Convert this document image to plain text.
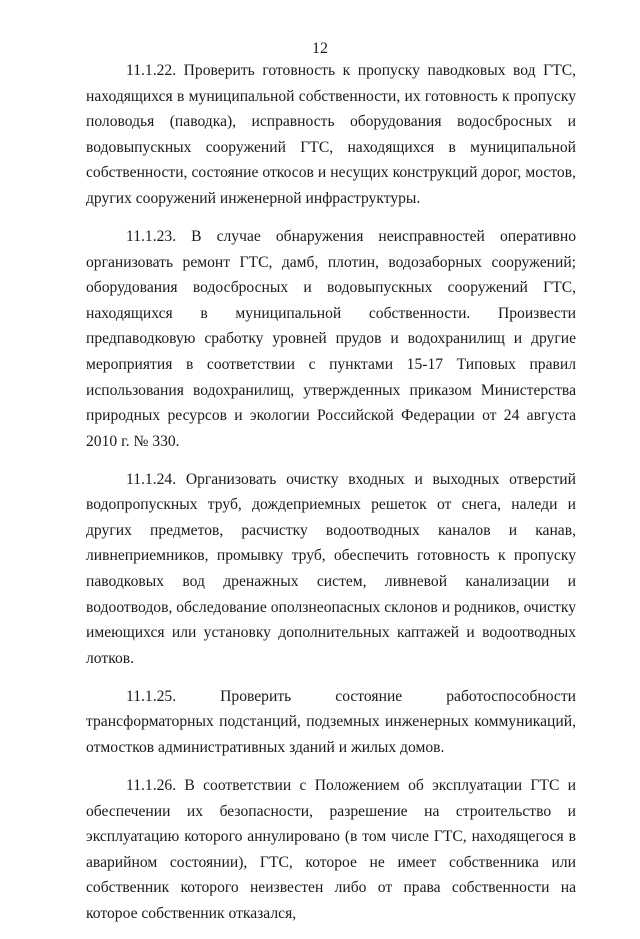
12

11.1.22. Проверить готовность к пропуску паводковых вод ГТС, находящихся в муниципальной собственности, их готовность к пропуску половодья (паводка), исправность оборудования водосбросных и водовыпускных сооружений ГТС, находящихся в муниципальной собственности, состояние откосов и несущих конструкций дорог, мостов, других сооружений инженерной инфраструктуры.

11.1.23. В случае обнаружения неисправностей оперативно организовать ремонт ГТС, дамб, плотин, водозаборных сооружений; оборудования водосбросных и водовыпускных сооружений ГТС, находящихся в муниципальной собственности. Произвести предпаводковую сработку уровней прудов и водохранилищ и другие мероприятия в соответствии с пунктами 15-17 Типовых правил использования водохранилищ, утвержденных приказом Министерства природных ресурсов и экологии Российской Федерации от 24 августа 2010 г. № 330.

11.1.24. Организовать очистку входных и выходных отверстий водопропускных труб, дождеприемных решеток от снега, наледи и других предметов, расчистку водоотводных каналов и канав, ливнеприемников, промывку труб, обеспечить готовность к пропуску паводковых вод дренажных систем, ливневой канализации и водоотводов, обследование оползнеопасных склонов и родников, очистку имеющихся или установку дополнительных каптажей и водоотводных лотков.

11.1.25. Проверить состояние работоспособности трансформаторных подстанций, подземных инженерных коммуникаций, отмостков административных зданий и жилых домов.

11.1.26. В соответствии с Положением об эксплуатации ГТС и обеспечении их безопасности, разрешение на строительство и эксплуатацию которого аннулировано (в том числе ГТС, находящегося в аварийном состоянии), ГТС, которое не имеет собственника или собственник которого неизвестен либо от права собственности на которое собственник отказался,
